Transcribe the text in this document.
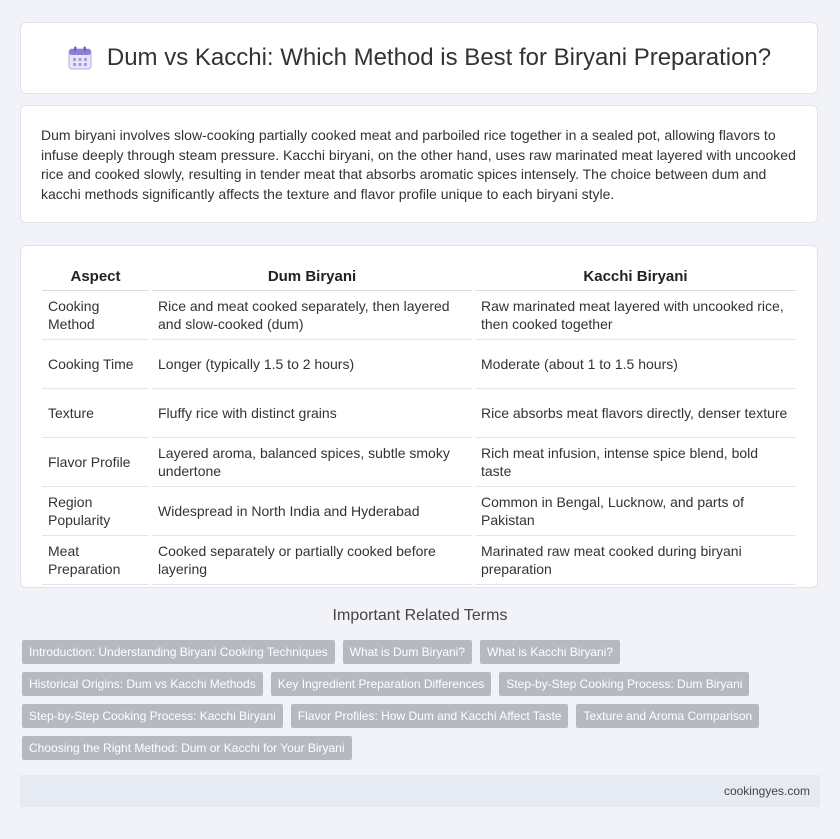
Dum vs Kacchi: Which Method is Best for Biryani Preparation?

Dum biryani involves slow-cooking partially cooked meat and parboiled rice together in a sealed pot, allowing flavors to infuse deeply through steam pressure. Kacchi biryani, on the other hand, uses raw marinated meat layered with uncooked rice and cooked slowly, resulting in tender meat that absorbs aromatic spices intensely. The choice between dum and kacchi methods significantly affects the texture and flavor profile unique to each biryani style.

Aspect	Dum Biryani	Kacchi Biryani
Cooking Method	Rice and meat cooked separately, then layered and slow-cooked (dum)	Raw marinated meat layered with uncooked rice, then cooked together
Cooking Time	Longer (typically 1.5 to 2 hours)	Moderate (about 1 to 1.5 hours)
Texture	Fluffy rice with distinct grains	Rice absorbs meat flavors directly, denser texture
Flavor Profile	Layered aroma, balanced spices, subtle smoky undertone	Rich meat infusion, intense spice blend, bold taste
Region Popularity	Widespread in North India and Hyderabad	Common in Bengal, Lucknow, and parts of Pakistan
Meat Preparation	Cooked separately or partially cooked before layering	Marinated raw meat cooked during biryani preparation
Important Related Terms
Introduction: Understanding Biryani Cooking Techniques	What is Dum Biryani?	What is Kacchi Biryani?
Historical Origins: Dum vs Kacchi Methods	Key Ingredient Preparation Differences	Step-by-Step Cooking Process: Dum Biryani
Step-by-Step Cooking Process: Kacchi Biryani	Flavor Profiles: How Dum and Kacchi Affect Taste	Texture and Aroma Comparison
Choosing the Right Method: Dum or Kacchi for Your Biryani
cookingyes.com
